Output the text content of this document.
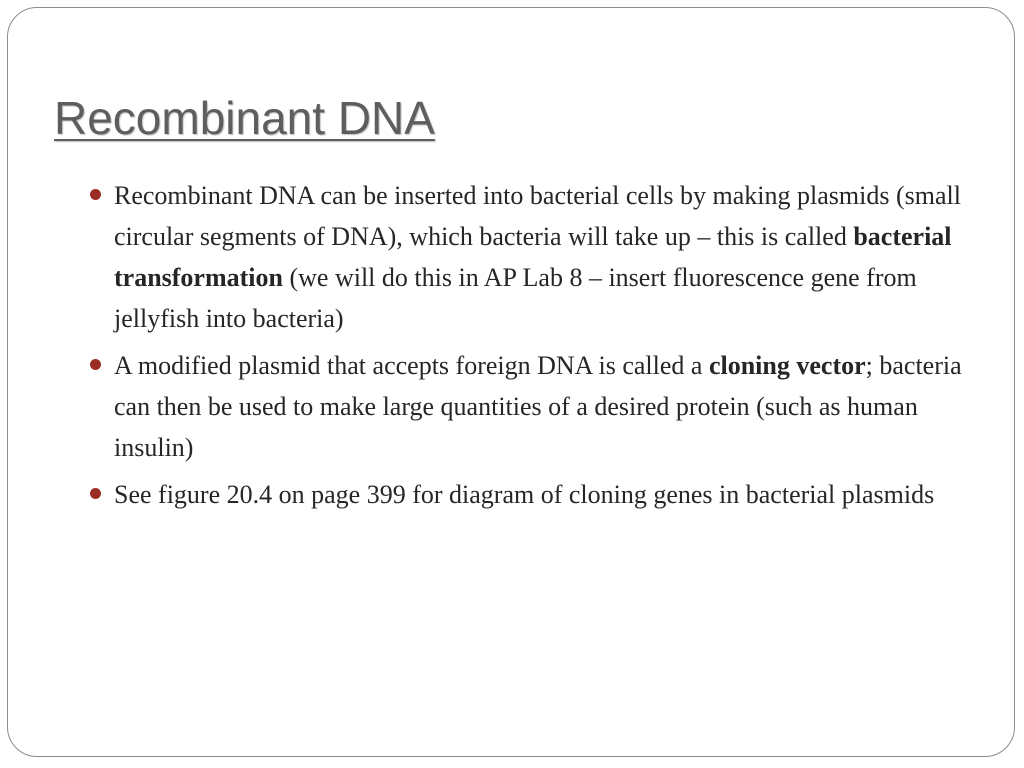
Recombinant DNA
Recombinant DNA can be inserted into bacterial cells by making plasmids (small circular segments of DNA), which bacteria will take up – this is called bacterial transformation (we will do this in AP Lab 8 – insert fluorescence gene from jellyfish into bacteria)
A modified plasmid that accepts foreign DNA is called a cloning vector; bacteria can then be used to make large quantities of a desired protein (such as human insulin)
See figure 20.4 on page 399 for diagram of cloning genes in bacterial plasmids
